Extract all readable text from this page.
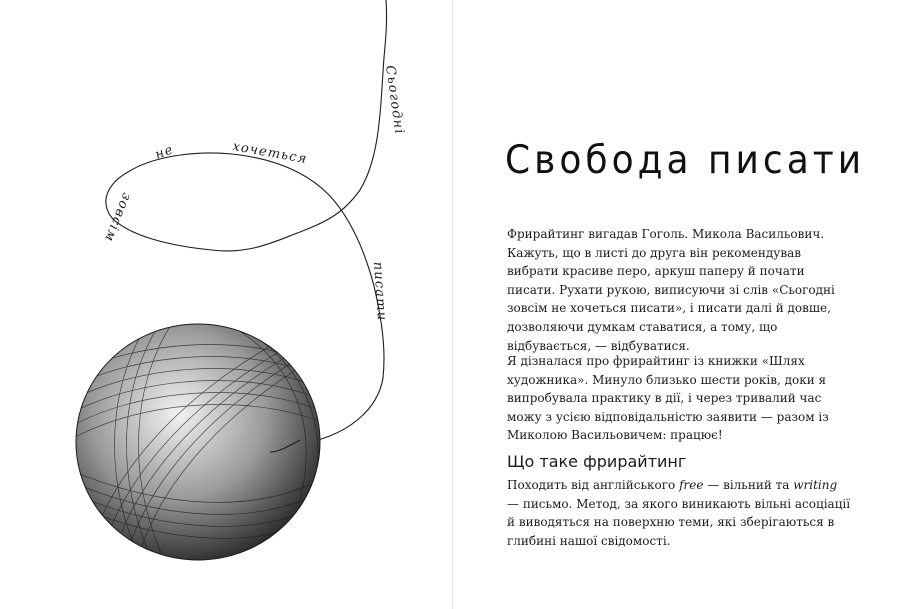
Сьогодні
зовсім
не	хочеться
писати
Свобода писати

Фрирайтинг вигадав Гоголь. Микола Васильович. Кажуть, що в листі до друга він рекомендував вибрати красиве перо, аркуш паперу й почати писати. Рухати рукою, виписуючи зі слів «Сьогодні зовсім не хочеться писати», і писати далі й довше, дозволяючи думкам ставатися, а тому, що відбувається, — відбуватися.

Я дізналася про фрирайтинг із книжки «Шлях художника». Минуло близько шести років, доки я випробувала практику в дії, і через тривалий час можу з усією відповідальністю заявити — разом із Миколою Васильовичем: працює!

Що таке фрирайтинг

Походить від англійського free — вільний та writing — письмо. Метод, за якого виникають вільні асоціації й виводяться на поверхню теми, які зберігаються в глибині нашої свідомості.
